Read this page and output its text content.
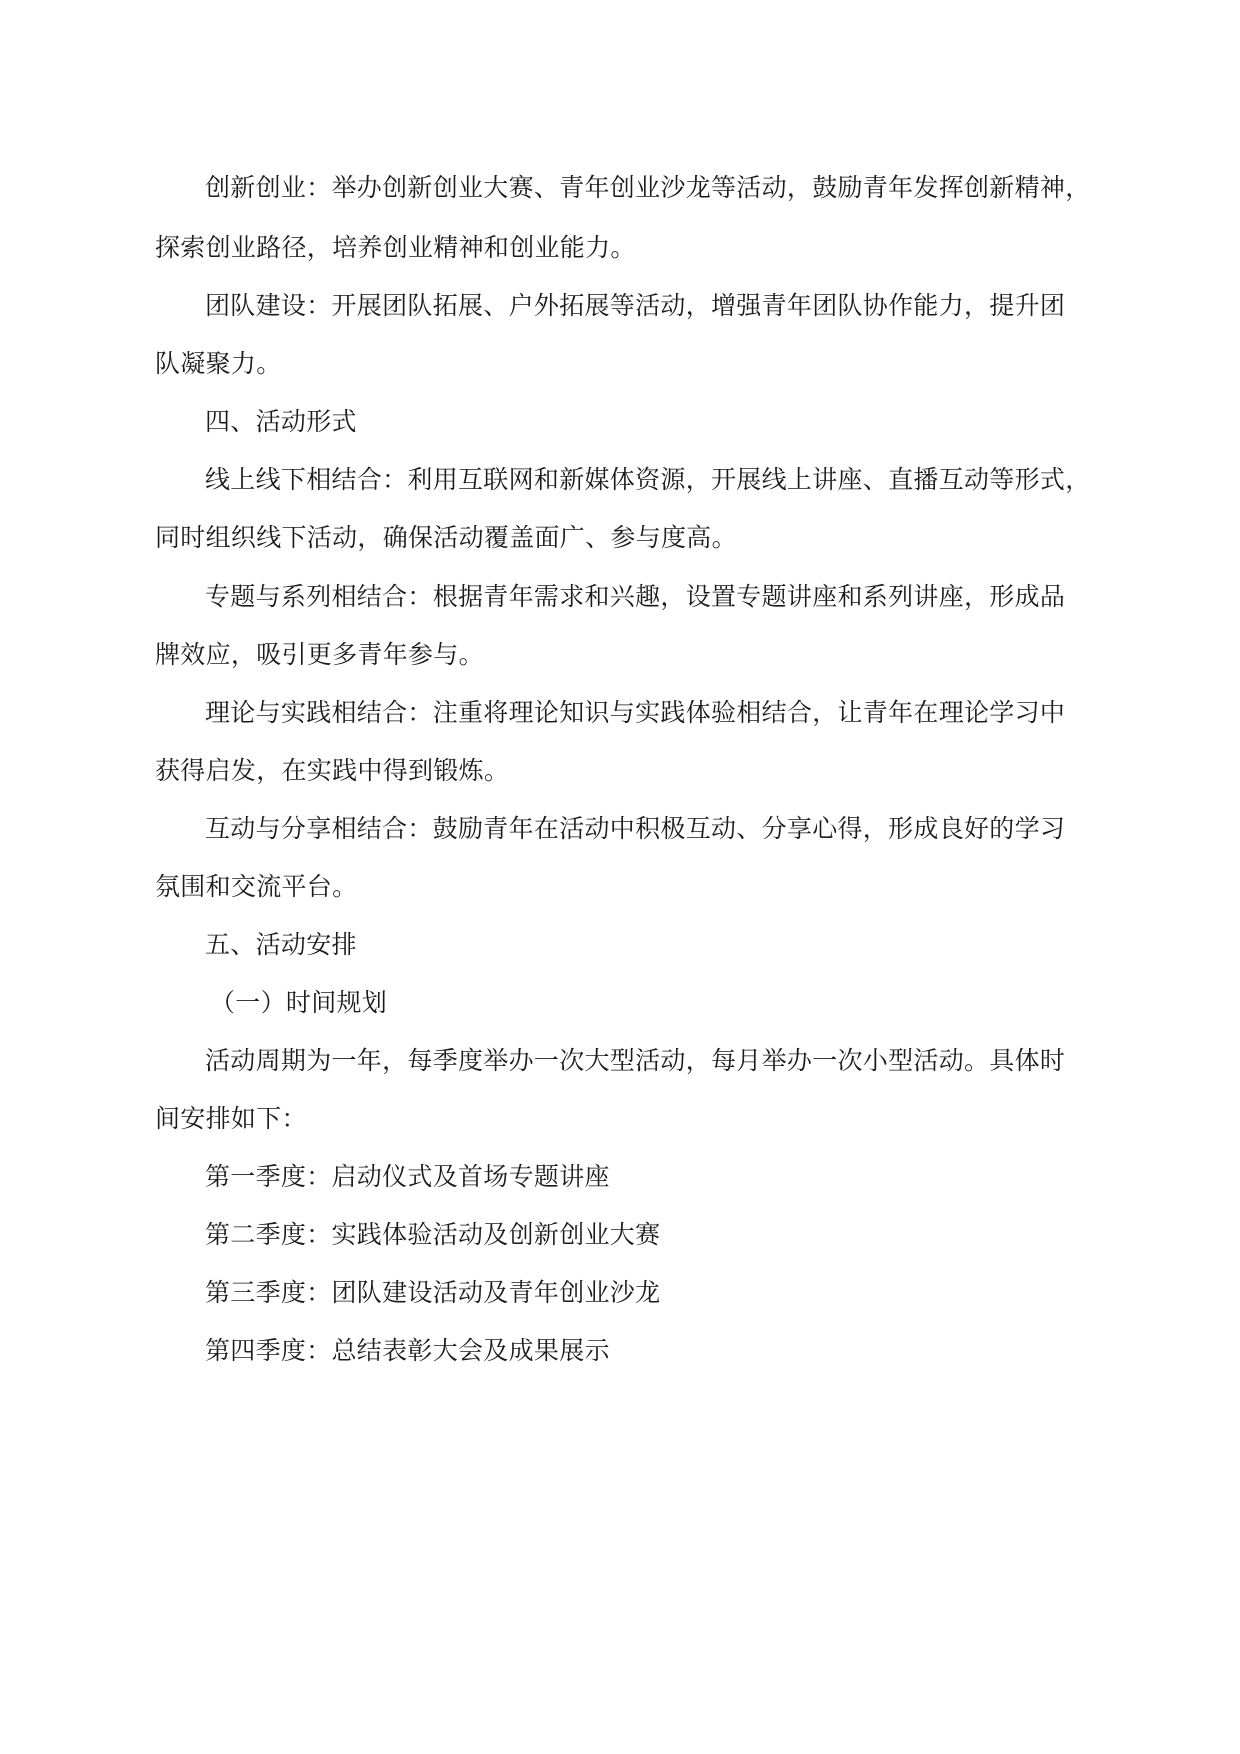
创新创业：举办创新创业大赛、青年创业沙龙等活动，鼓励青年发挥创新精神，
探索创业路径，培养创业精神和创业能力。
团队建设：开展团队拓展、户外拓展等活动，增强青年团队协作能力，提升团
队凝聚力。
四、活动形式
线上线下相结合：利用互联网和新媒体资源，开展线上讲座、直播互动等形式，
同时组织线下活动，确保活动覆盖面广、参与度高。
专题与系列相结合：根据青年需求和兴趣，设置专题讲座和系列讲座，形成品
牌效应，吸引更多青年参与。
理论与实践相结合：注重将理论知识与实践体验相结合，让青年在理论学习中
获得启发，在实践中得到锻炼。
互动与分享相结合：鼓励青年在活动中积极互动、分享心得，形成良好的学习
氛围和交流平台。
五、活动安排
（一）时间规划
活动周期为一年，每季度举办一次大型活动，每月举办一次小型活动。具体时
间安排如下：
第一季度：启动仪式及首场专题讲座
第二季度：实践体验活动及创新创业大赛
第三季度：团队建设活动及青年创业沙龙
第四季度：总结表彰大会及成果展示
